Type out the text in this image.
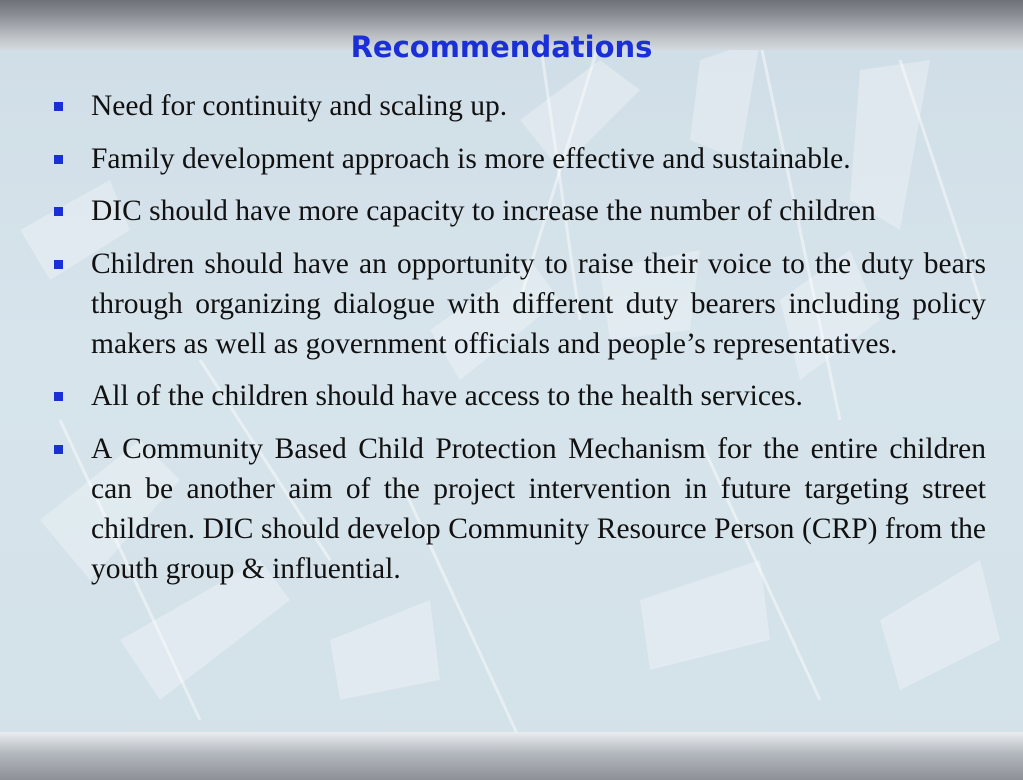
Recommendations
Need for continuity and scaling up.
Family development approach is more effective and sustainable.
DIC should have more capacity to increase the number of children
Children should have an opportunity to raise their voice to the duty bears through organizing dialogue with different duty bearers including policy makers as well as government officials and people’s representatives.
All of the children should have access to the health services.
A Community Based Child Protection Mechanism for the entire children can be another aim of the project intervention in future targeting street children. DIC should develop Community Resource Person (CRP) from the youth group & influential.
